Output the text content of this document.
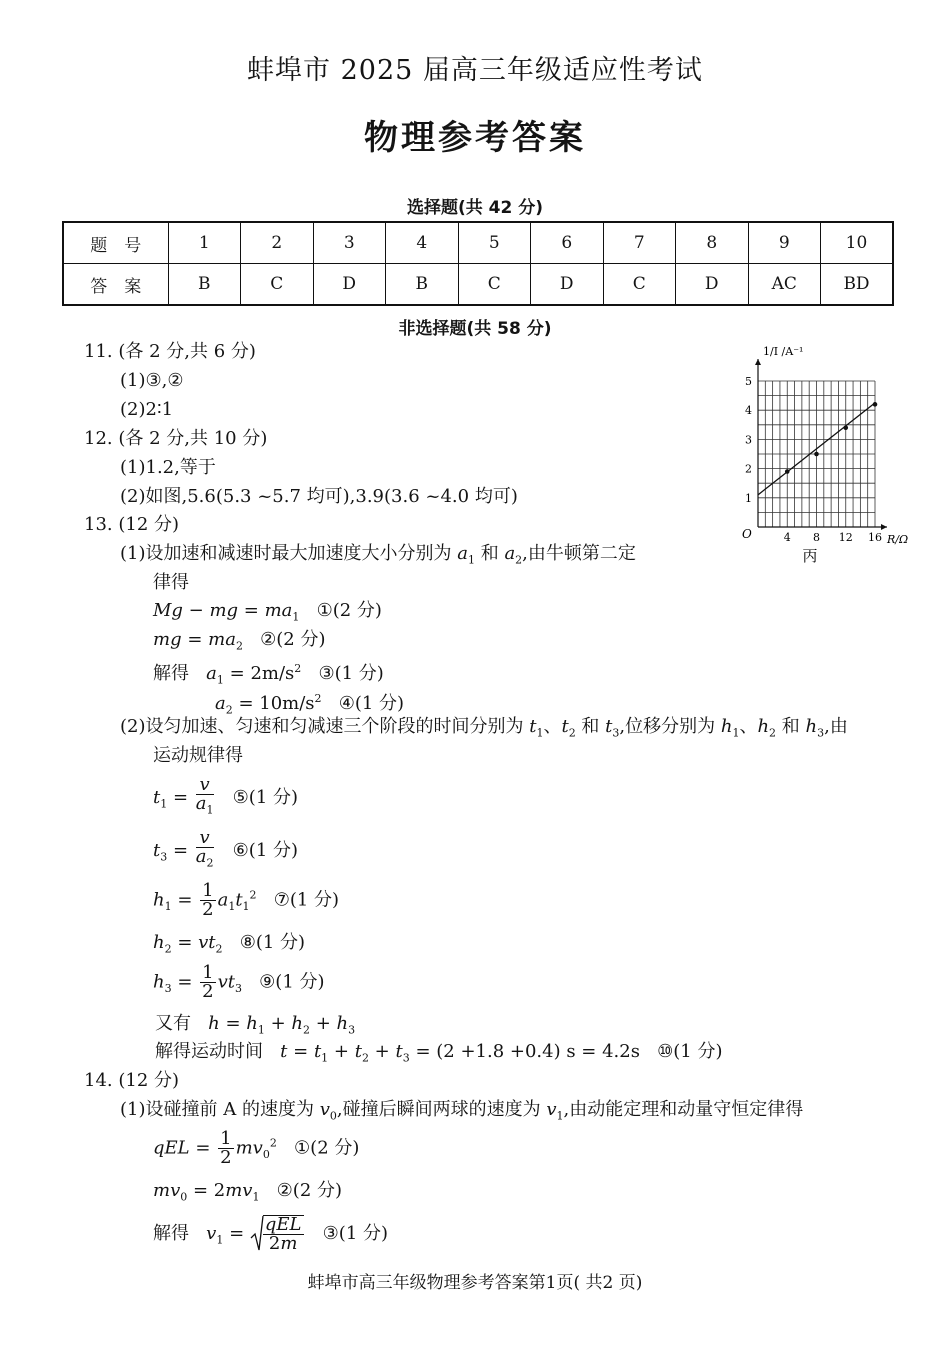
蚌埠市 2025 届高三年级适应性考试
物理参考答案
选择题(共 42 分)
题　号	1	2	3	4	5	6	7	8	9	10
答　案	B	C	D	B	C	D	C	D	AC	BD
非选择题(共 58 分)
11. (各 2 分,共 6 分)
(1)③,②
(2)2∶1
12. (各 2 分,共 10 分)
(1)1.2,等于
(2)如图,5.6(5.3 ~5.7 均可),3.9(3.6 ~4.0 均可)
13. (12 分)
(1)设加速和减速时最大加速度大小分别为 $a_1$ 和 $a_2$,由牛顿第二定
律得
Mg − mg = $ma_1$ ①(2 分)
mg = $ma_2$ ②(2 分)
解得 $a_1 = 2m/s^2$ ③(1 分)
$a_2 = 10m/s^2$ ④(1 分)
(2)设匀加速、匀速和匀减速三个阶段的时间分别为 $t_1$、$t_2$ 和 $t_3$,位移分别为 $h_1$、$h_2$ 和 $h_3$,由
运动规律得
$t_1 = \frac{v}{a_1}$ ⑤(1 分)
$t_3 = \frac{v}{a_2}$ ⑥(1 分)
$h_1 = \frac{1}{2} a_1t_1^2$ ⑦(1 分)
$h_2 = vt_2$ ⑧(1 分)
$h_3 = \frac{1}{2} vt_3$ ⑨(1 分)
又有 $h = h_1 + h_2 + h_3$
解得运动时间 $t = t_1 + t_2 + t_3 = (2 +1.8 +0.4) s = 4.2s$ ⑩(1 分)
14. (12 分)
(1)设碰撞前 A 的速度为 $v_0$,碰撞后瞬间两球的速度为 $v_1$,由动能定理和动量守恒定律得
qEL = $\frac{1}{2} mv_0^2$ ①(2 分)
$mv_0 = 2mv_1$ ②(2 分)
解得 $v_1 = \frac{\text{qEL}}{2m}$ ③(1 分)
4 8 12 16
1
2
3
4
5
1/I /A⁻¹
R/Ω
O
丙
蚌埠市高三年级物理参考答案第1页( 共2 页)
